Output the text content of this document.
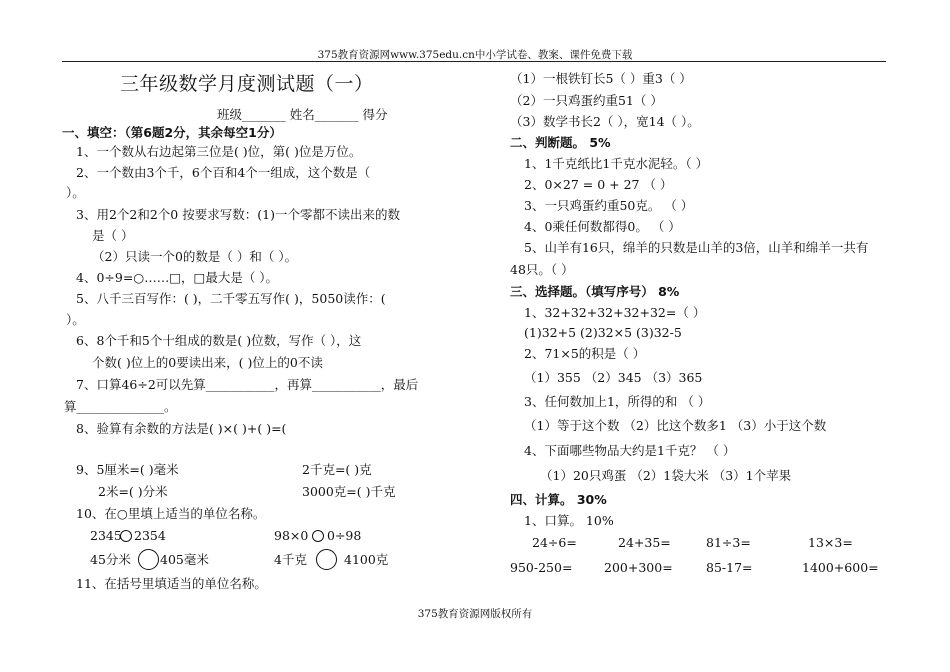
375教育资源网www.375edu.cn中小学试卷、教案、课件免费下载
三年级数学月度测试题（一）
班级_______ 姓名_______ 得分
一、填空：（第6题2分，其余每空1分）
1、一个数从右边起第三位是( )位，第( )位是万位。
2、一个数由3个千，6个百和4个一组成，这个数是（
）。
3、用2个2和2个0 按要求写数：(1)一个零都不读出来的数
是（ ）
（2）只读一个0的数是（ ）和（ ）。
4、0÷9=○……□，□最大是（ ）。
5、八千三百写作：( )，二千零五写作( )，5050读作：(
）。
6、8个千和5个十组成的数是( )位数，写作（ ），这
个数( )位上的0要读出来，( )位上的0不读
7、口算46÷2可以先算___________，再算___________，最后
算______________。
8、验算有余数的方法是( )×( )+( )=(
9、5厘米=( )毫米	2千克=( )克
2米=( )分米	3000克=( )千克
10、在○里填上适当的单位名称。
2345 2354	98×0 0÷98
45分米 405毫米	4千克	4100克
11、在括号里填适当的单位名称。
（1）一根铁钉长5（ ）重3（ ）
（2）一只鸡蛋约重51（ ）
（3）数学书长2（ ），宽14（ ）。
二、判断题。 5%
1、1千克纸比1千克水泥轻。（ ）
2、0×27 = 0 + 27 （ ）
3、一只鸡蛋约重50克。 （ ）
4、0乘任何数都得0。 （ ）
5、山羊有16只，绵羊的只数是山羊的3倍，山羊和绵羊一共有
48只。（ ）
三、选择题。（填写序号） 8%
1、32+32+32+32+32=（ ）
(1)32+5 (2)32×5 (3)32-5
2、71×5的积是（ ）
（1）355 （2）345 （3）365
3、任何数加上1，所得的和 （ ）
（1）等于这个数 （2）比这个数多1 （3）小于这个数
4、下面哪些物品大约是1千克？ （ ）
（1）20只鸡蛋 （2）1袋大米 （3）1个苹果
四、计算。 30%
1、口算。 10%
24÷6=	24+35=	81÷3=	13×3=
950-250=	200+300=	85-17=	1400+600=
375教育资源网版权所有
